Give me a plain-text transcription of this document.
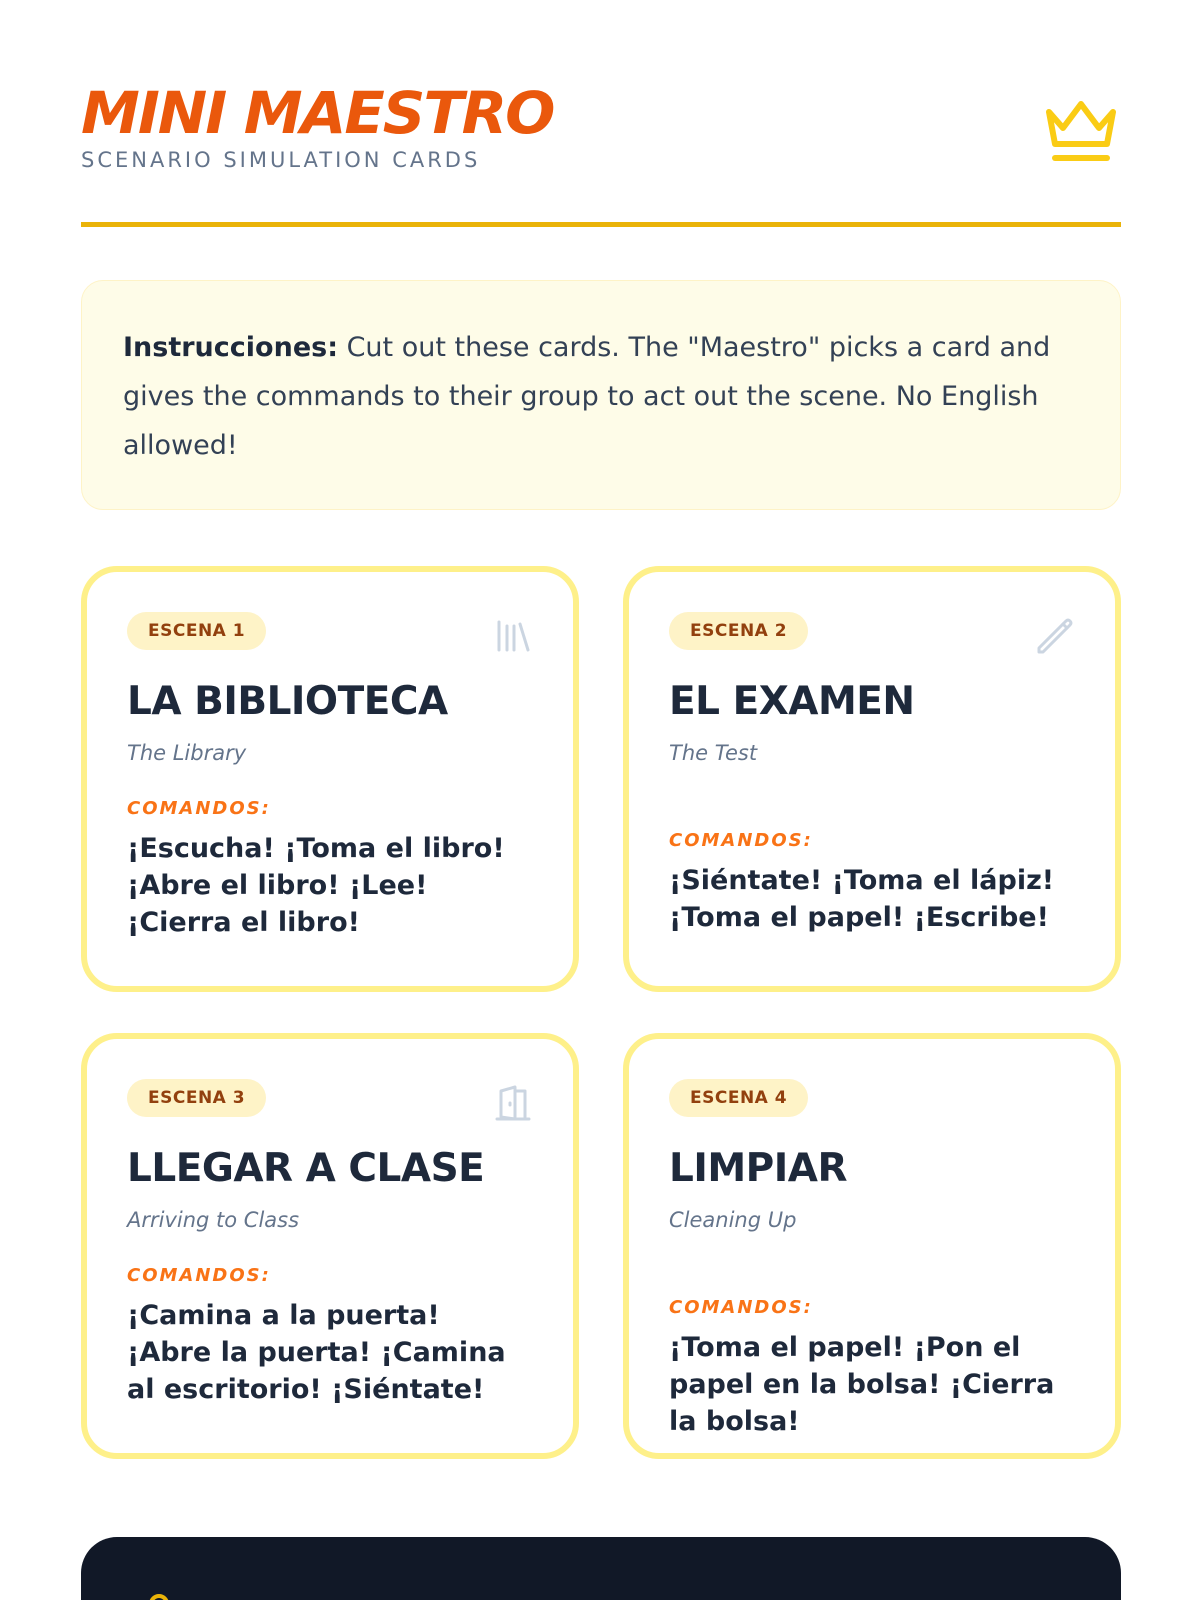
MINI MAESTRO
SCENARIO SIMULATION CARDS
Instrucciones: Cut out these cards. The "Maestro" picks a card and gives the commands to their group to act out the scene. No English allowed!
ESCENA 1
LA BIBLIOTECA
The Library
COMANDOS:
¡Escucha! ¡Toma el libro! ¡Abre el libro! ¡Lee! ¡Cierra el libro!
ESCENA 2
EL EXAMEN
The Test
COMANDOS:
¡Siéntate! ¡Toma el lápiz! ¡Toma el papel! ¡Escribe!
ESCENA 3
LLEGAR A CLASE
Arriving to Class
COMANDOS:
¡Camina a la puerta! ¡Abre la puerta! ¡Camina al escritorio! ¡Siéntate!
ESCENA 4
LIMPIAR
Cleaning Up
COMANDOS:
¡Toma el papel! ¡Pon el papel en la bolsa! ¡Cierra la bolsa!
